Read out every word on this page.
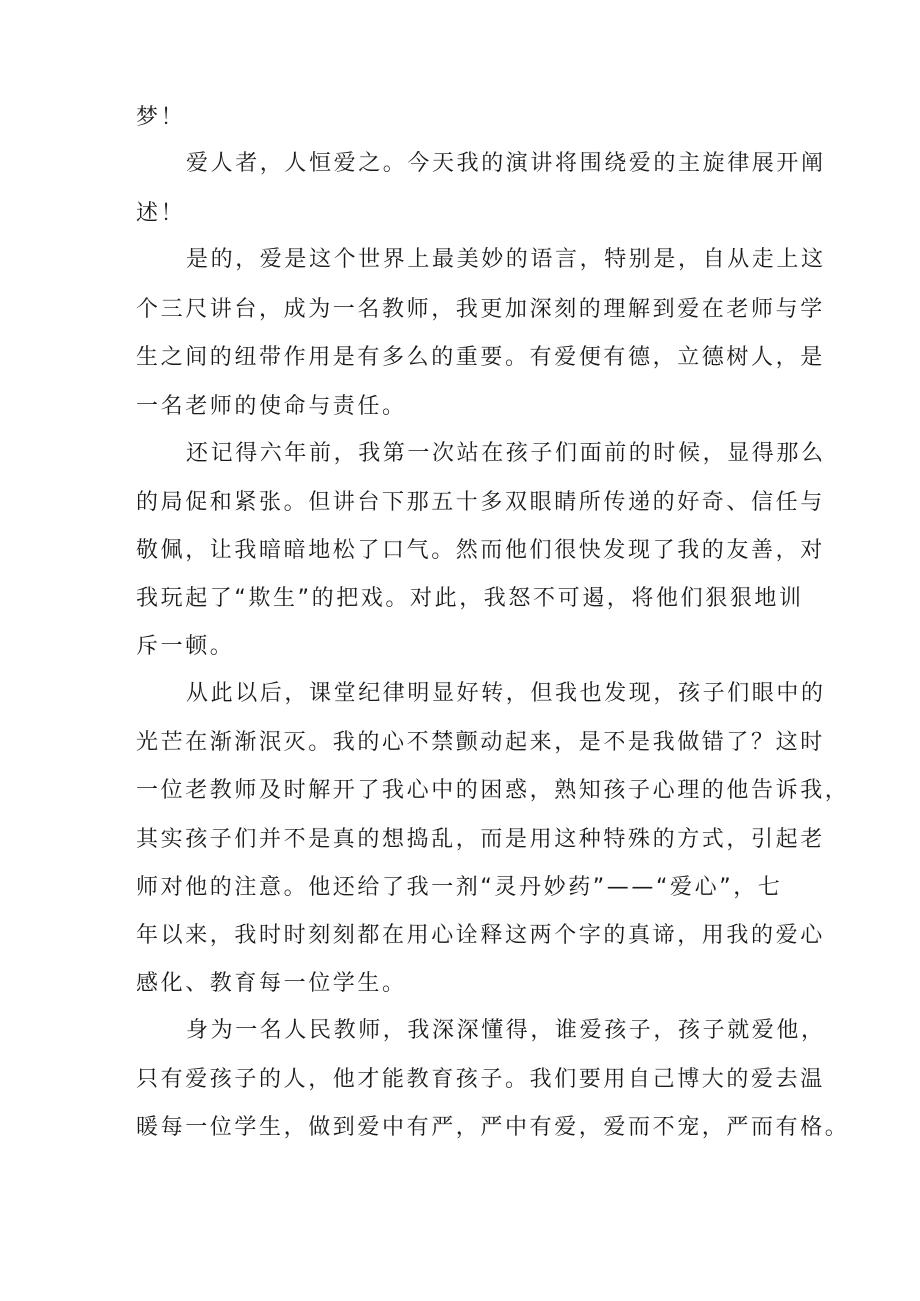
梦！
爱人者，人恒爱之。今天我的演讲将围绕爱的主旋律展开阐
述！
是的，爱是这个世界上最美妙的语言，特别是，自从走上这
个三尺讲台，成为一名教师，我更加深刻的理解到爱在老师与学
生之间的纽带作用是有多么的重要。有爱便有德，立德树人，是
一名老师的使命与责任。
还记得六年前，我第一次站在孩子们面前的时候，显得那么
的局促和紧张。但讲台下那五十多双眼睛所传递的好奇、信任与
敬佩，让我暗暗地松了口气。然而他们很快发现了我的友善，对
我玩起了“欺生”的把戏。对此，我怒不可遏，将他们狠狠地训
斥一顿。
从此以后，课堂纪律明显好转，但我也发现，孩子们眼中的
光芒在渐渐泯灭。我的心不禁颤动起来，是不是我做错了？这时
一位老教师及时解开了我心中的困惑，熟知孩子心理的他告诉我，
其实孩子们并不是真的想捣乱，而是用这种特殊的方式，引起老
师对他的注意。他还给了我一剂“灵丹妙药”——“爱心”，七
年以来，我时时刻刻都在用心诠释这两个字的真谛，用我的爱心
感化、教育每一位学生。
身为一名人民教师，我深深懂得，谁爱孩子，孩子就爱他，
只有爱孩子的人，他才能教育孩子。我们要用自己博大的爱去温
暖每一位学生，做到爱中有严，严中有爱，爱而不宠，严而有格。
